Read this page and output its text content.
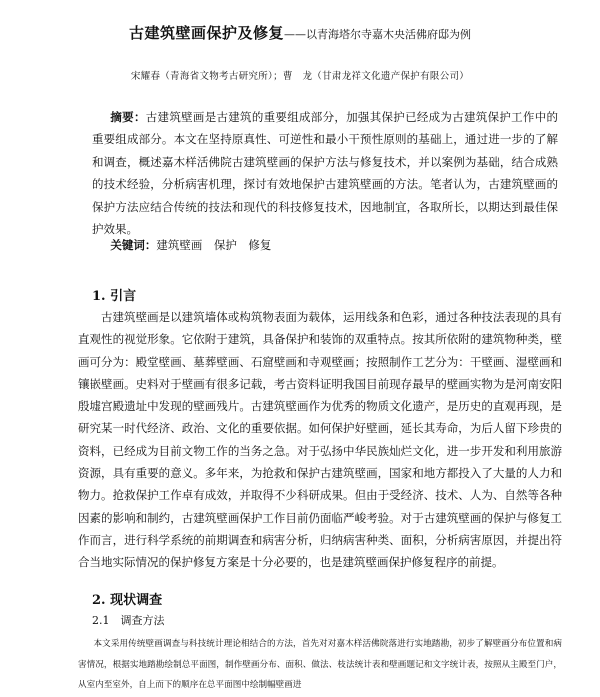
古建筑壁画保护及修复——以青海塔尔寺嘉木央活佛府邸为例
宋耀春（青海省文物考古研究所）；曹　龙（甘肃龙祥文化遗产保护有限公司）
摘要：古建筑壁画是古建筑的重要组成部分，加强其保护已经成为古建筑保护工作中的重要组成部分。本文在坚持原真性、可逆性和最小干预性原则的基础上，通过进一步的了解和调查，概述嘉木样活佛院古建筑壁画的保护方法与修复技术，并以案例为基础，结合成熟的技术经验，分析病害机理，探讨有效地保护古建筑壁画的方法。笔者认为，古建筑壁画的保护方法应结合传统的技法和现代的科技修复技术，因地制宜，各取所长，以期达到最佳保护效果。
关键词：建筑壁画　保护　修复
1. 引言
古建筑壁画是以建筑墙体或构筑物表面为载体，运用线条和色彩，通过各种技法表现的具有直观性的视觉形象。它依附于建筑，具备保护和装饰的双重特点。按其所依附的建筑物种类，壁画可分为：殿堂壁画、墓葬壁画、石窟壁画和寺观壁画；按照制作工艺分为：干壁画、湿壁画和镶嵌壁画。史料对于壁画有很多记载，考古资料证明我国目前现存最早的壁画实物为是河南安阳殷墟宫殿遗址中发现的壁画残片。古建筑壁画作为优秀的物质文化遗产，是历史的直观再现，是研究某一时代经济、政治、文化的重要依据。如何保护好壁画，延长其寿命，为后人留下珍贵的资料，已经成为目前文物工作的当务之急。对于弘扬中华民族灿烂文化，进一步开发和利用旅游资源，具有重要的意义。多年来，为抢救和保护古建筑壁画，国家和地方都投入了大量的人力和物力。抢救保护工作卓有成效，并取得不少科研成果。但由于受经济、技术、人为、自然等各种因素的影响和制约，古建筑壁画保护工作目前仍面临严峻考验。对于古建筑壁画的保护与修复工作而言，进行科学系统的前期调查和病害分析，归纳病害种类、面积，分析病害原因，并提出符合当地实际情况的保护修复方案是十分必要的，也是建筑壁画保护修复程序的前提。
2. 现状调查
2.1　调查方法
本文采用传统壁画调查与科技统计理论相结合的方法，首先对对嘉木样活佛院落进行实地踏勘，初步了解壁画分布位置和病害情况，根据实地踏勘绘制总平面图，制作壁画分布、面积、做法、枝法统计表和壁画题记和文字统计表，按照从主殿至门户，从室内至室外，自上而下的顺序在总平面图中绘制幅壁画进
